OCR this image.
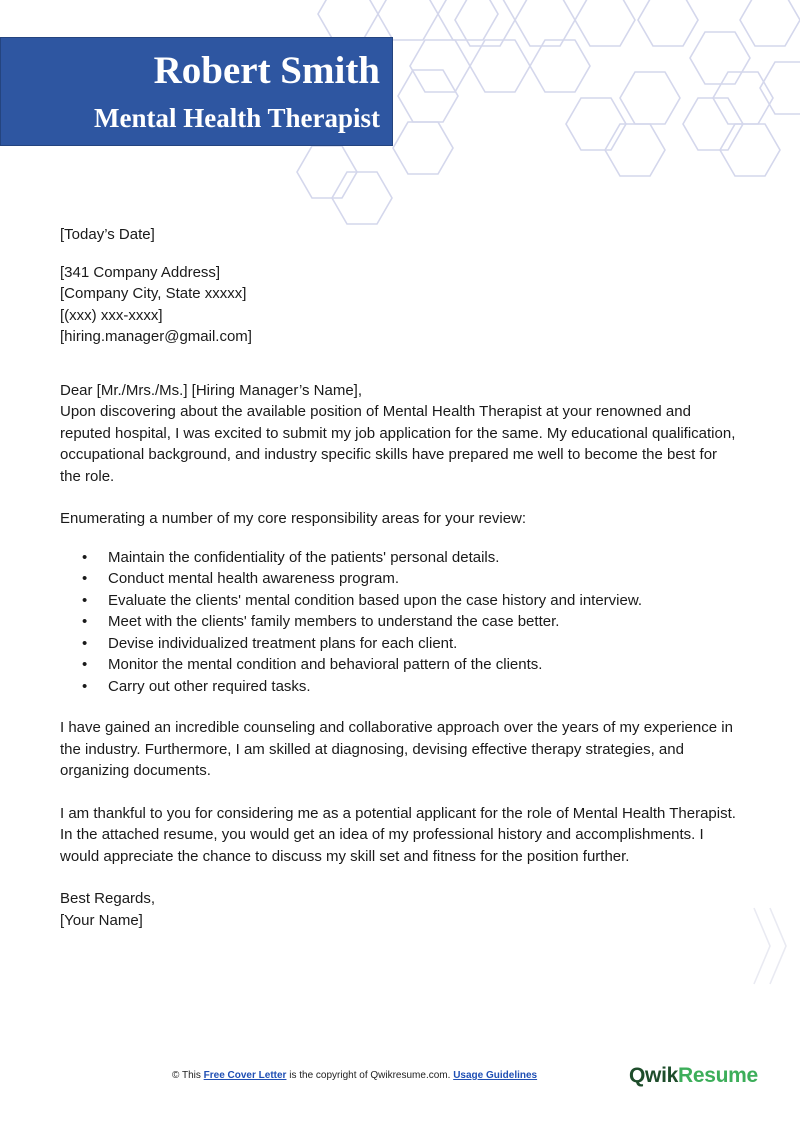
Robert Smith
Mental Health Therapist

[Today’s Date]

[341 Company Address]

[Company City, State xxxxx]

[(xxx) xxx-xxxx]

[hiring.manager@gmail.com]

Dear [Mr./Mrs./Ms.] [Hiring Manager’s Name],

Upon discovering about the available position of Mental Health Therapist at your renowned and reputed hospital, I was excited to submit my job application for the same. My educational qualification, occupational background, and industry specific skills have prepared me well to become the best for the role.

Enumerating a number of my core responsibility areas for your review:

• Maintain the confidentiality of the patients' personal details.
• Conduct mental health awareness program.
• Evaluate the clients' mental condition based upon the case history and interview.
• Meet with the clients' family members to understand the case better.
• Devise individualized treatment plans for each client.
• Monitor the mental condition and behavioral pattern of the clients.
• Carry out other required tasks.

I have gained an incredible counseling and collaborative approach over the years of my experience in the industry. Furthermore, I am skilled at diagnosing, devising effective therapy strategies, and organizing documents.

I am thankful to you for considering me as a potential applicant for the role of Mental Health Therapist. In the attached resume, you would get an idea of my professional history and accomplishments. I would appreciate the chance to discuss my skill set and fitness for the position further.

Best Regards,

[Your Name]

© This Free Cover Letter is the copyright of Qwikresume.com. Usage Guidelines	QwikResume
